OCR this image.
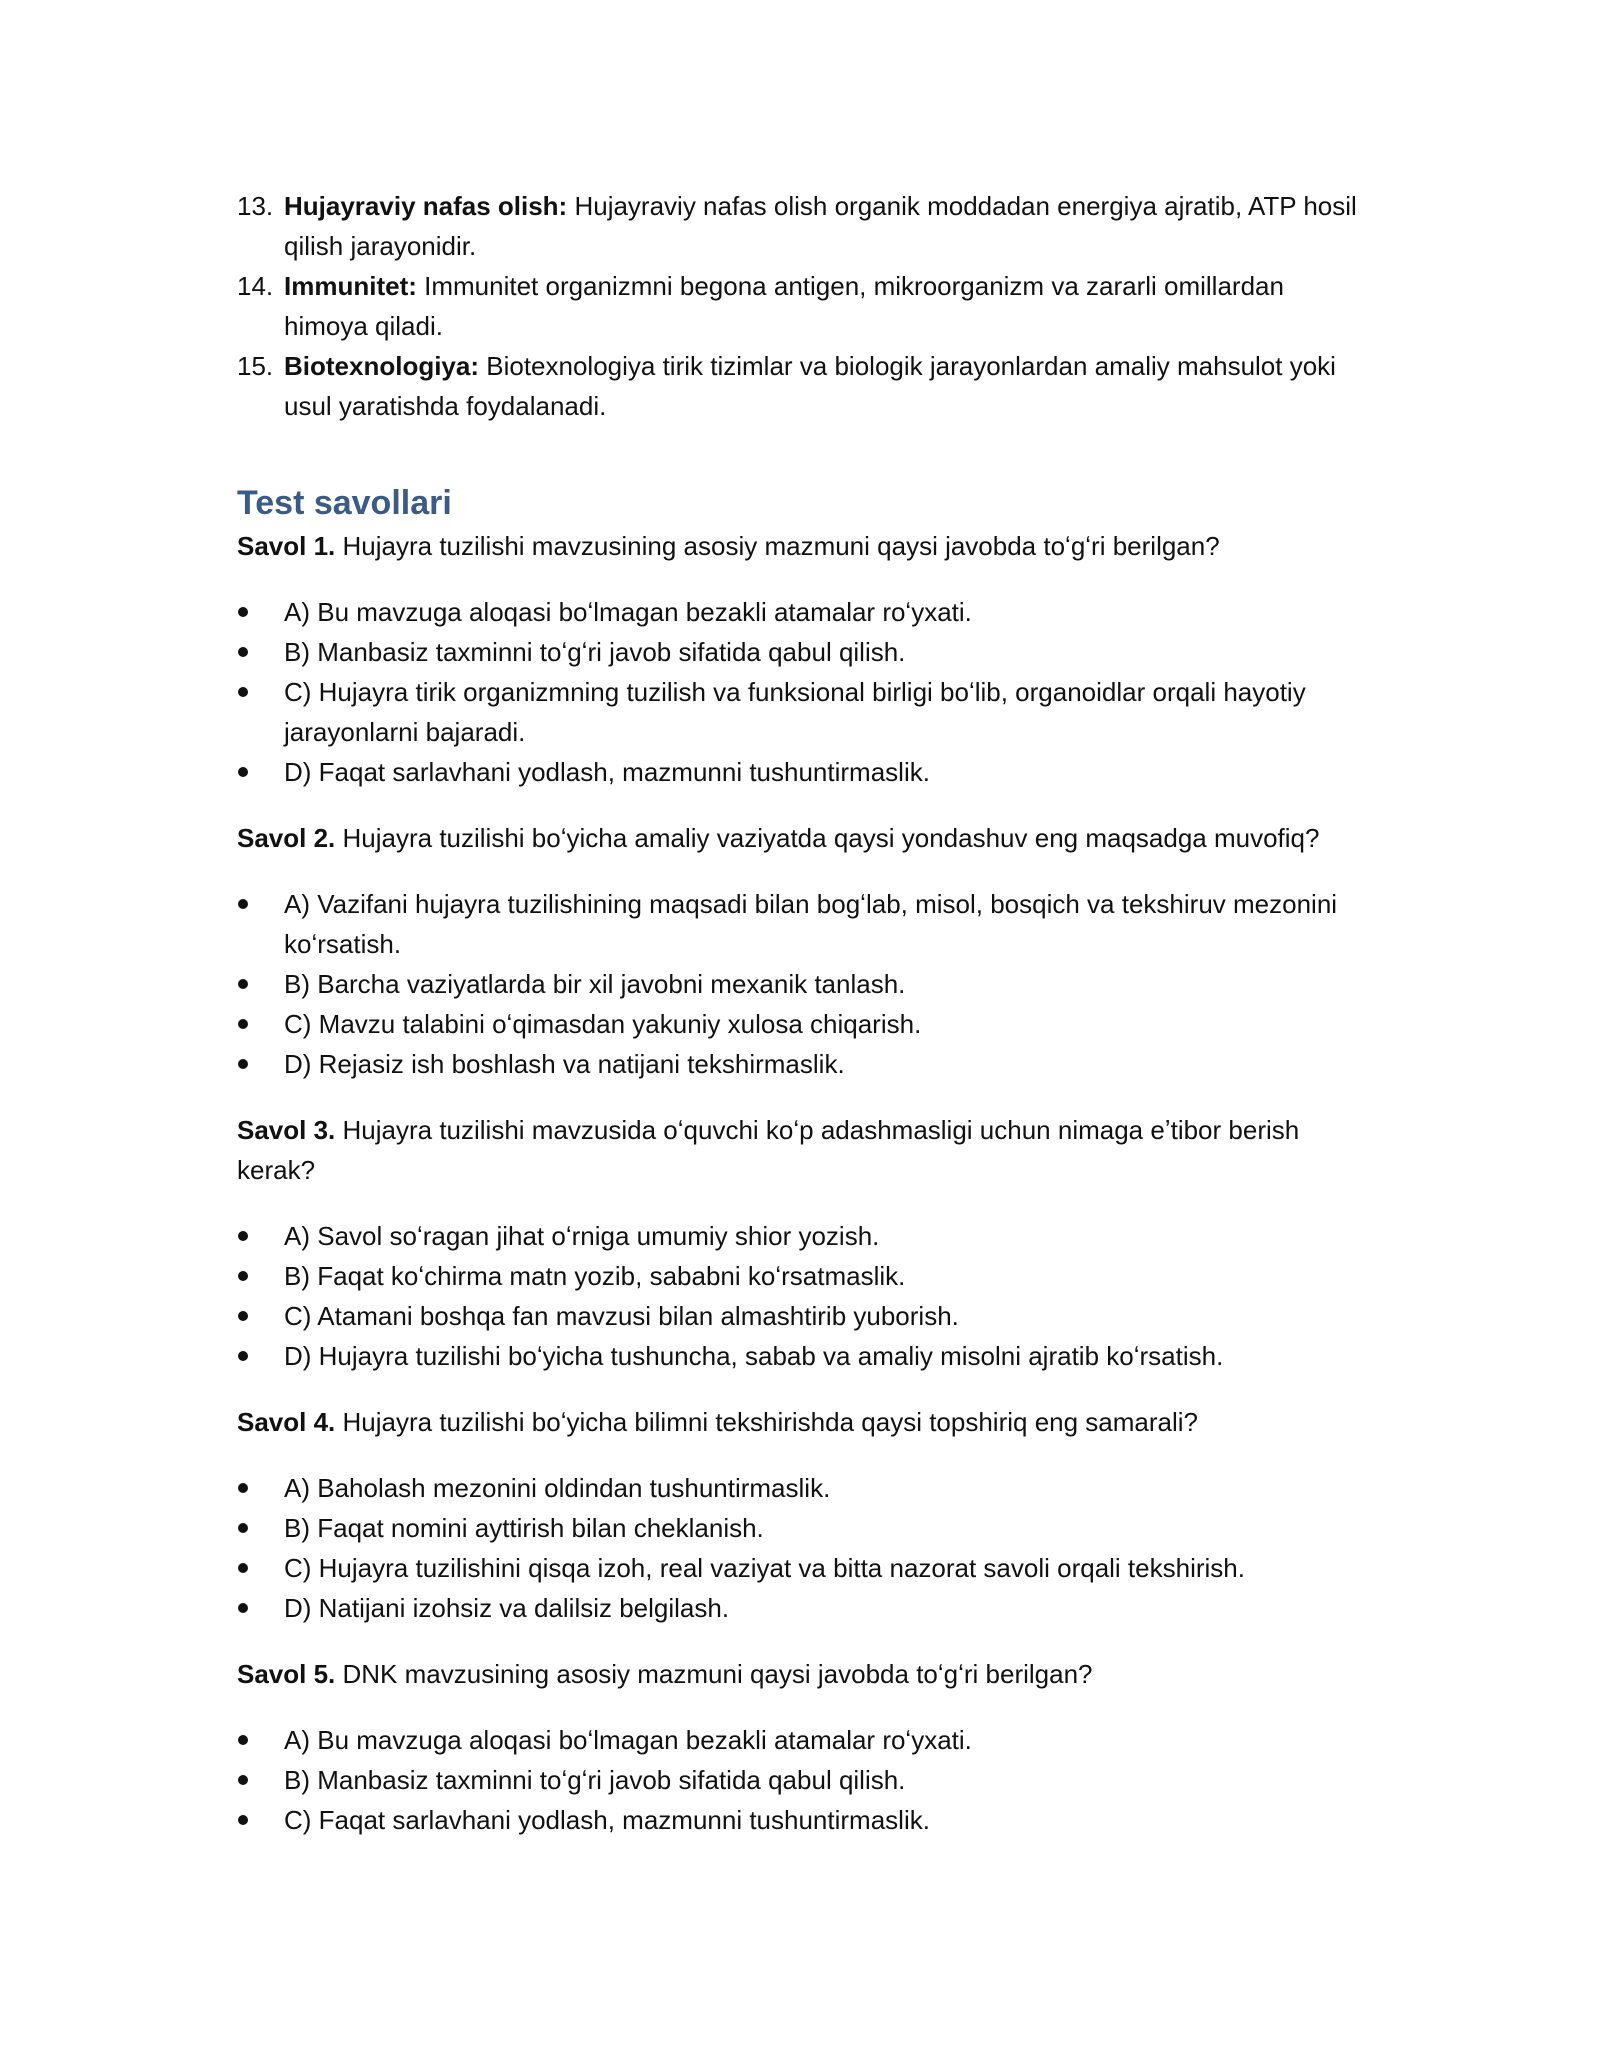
13. Hujayraviy nafas olish: Hujayraviy nafas olish organik moddadan energiya ajratib, ATP hosil qilish jarayonidir.
14. Immunitet: Immunitet organizmni begona antigen, mikroorganizm va zararli omillardan himoya qiladi.
15. Biotexnologiya: Biotexnologiya tirik tizimlar va biologik jarayonlardan amaliy mahsulot yoki usul yaratishda foydalanadi.
Test savollari

Savol 1. Hujayra tuzilishi mavzusining asosiy mazmuni qaysi javobda toʻgʻri berilgan?

A) Bu mavzuga aloqasi boʻlmagan bezakli atamalar roʻyxati.
B) Manbasiz taxminni toʻgʻri javob sifatida qabul qilish.
C) Hujayra tirik organizmning tuzilish va funksional birligi boʻlib, organoidlar orqali hayotiy jarayonlarni bajaradi.
D) Faqat sarlavhani yodlash, mazmunni tushuntirmaslik.

Savol 2. Hujayra tuzilishi boʻyicha amaliy vaziyatda qaysi yondashuv eng maqsadga muvofiq?

A) Vazifani hujayra tuzilishining maqsadi bilan bogʻlab, misol, bosqich va tekshiruv mezonini koʻrsatish.
B) Barcha vaziyatlarda bir xil javobni mexanik tanlash.
C) Mavzu talabini oʻqimasdan yakuniy xulosa chiqarish.
D) Rejasiz ish boshlash va natijani tekshirmaslik.

Savol 3. Hujayra tuzilishi mavzusida oʻquvchi koʻp adashmasligi uchun nimaga eʼtibor berish kerak?

A) Savol soʻragan jihat oʻrniga umumiy shior yozish.
B) Faqat koʻchirma matn yozib, sababni koʻrsatmaslik.
C) Atamani boshqa fan mavzusi bilan almashtirib yuborish.
D) Hujayra tuzilishi boʻyicha tushuncha, sabab va amaliy misolni ajratib koʻrsatish.

Savol 4. Hujayra tuzilishi boʻyicha bilimni tekshirishda qaysi topshiriq eng samarali?

A) Baholash mezonini oldindan tushuntirmaslik.
B) Faqat nomini ayttirish bilan cheklanish.
C) Hujayra tuzilishini qisqa izoh, real vaziyat va bitta nazorat savoli orqali tekshirish.
D) Natijani izohsiz va dalilsiz belgilash.

Savol 5. DNK mavzusining asosiy mazmuni qaysi javobda toʻgʻri berilgan?

A) Bu mavzuga aloqasi boʻlmagan bezakli atamalar roʻyxati.
B) Manbasiz taxminni toʻgʻri javob sifatida qabul qilish.
C) Faqat sarlavhani yodlash, mazmunni tushuntirmaslik.
